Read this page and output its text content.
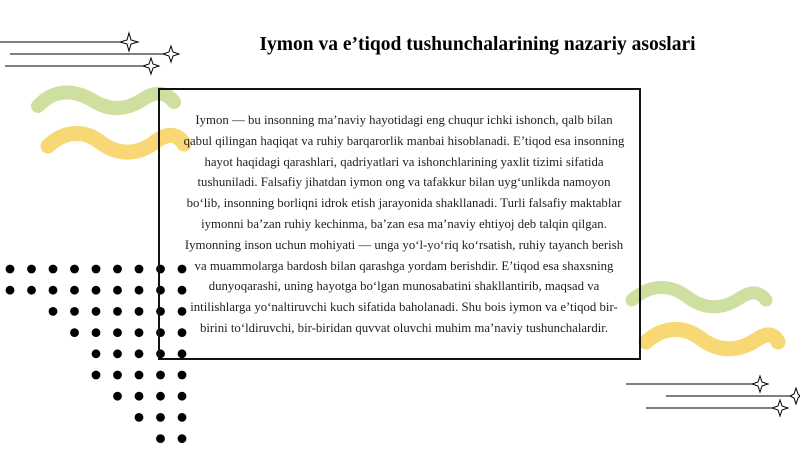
Iymon va e’tiqod tushunchalarining nazariy asoslari

Iymon — bu insonning ma’naviy hayotidagi eng chuqur ichki ishonch, qalb bilan qabul qilingan haqiqat va ruhiy barqarorlik manbai hisoblanadi. E’tiqod esa insonning hayot haqidagi qarashlari, qadriyatlari va ishonchlarining yaxlit tizimi sifatida tushuniladi. Falsafiy jihatdan iymon ong va tafakkur bilan uyg‘unlikda namoyon bo‘lib, insonning borliqni idrok etish jarayonida shakllanadi. Turli falsafiy maktablar iymonni ba’zan ruhiy kechinma, ba’zan esa ma’naviy ehtiyoj deb talqin qilgan. Iymonning inson uchun mohiyati — unga yo‘l-yo‘riq ko‘rsatish, ruhiy tayanch berish va muammolarga bardosh bilan qarashga yordam berishdir. E’tiqod esa shaxsning dunyoqarashi, uning hayotga bo‘lgan munosabatini shakllantirib, maqsad va intilishlarga yo‘naltiruvchi kuch sifatida baholanadi. Shu bois iymon va e’tiqod bir-birini to‘ldiruvchi, bir-biridan quvvat oluvchi muhim ma’naviy tushunchalardir.
